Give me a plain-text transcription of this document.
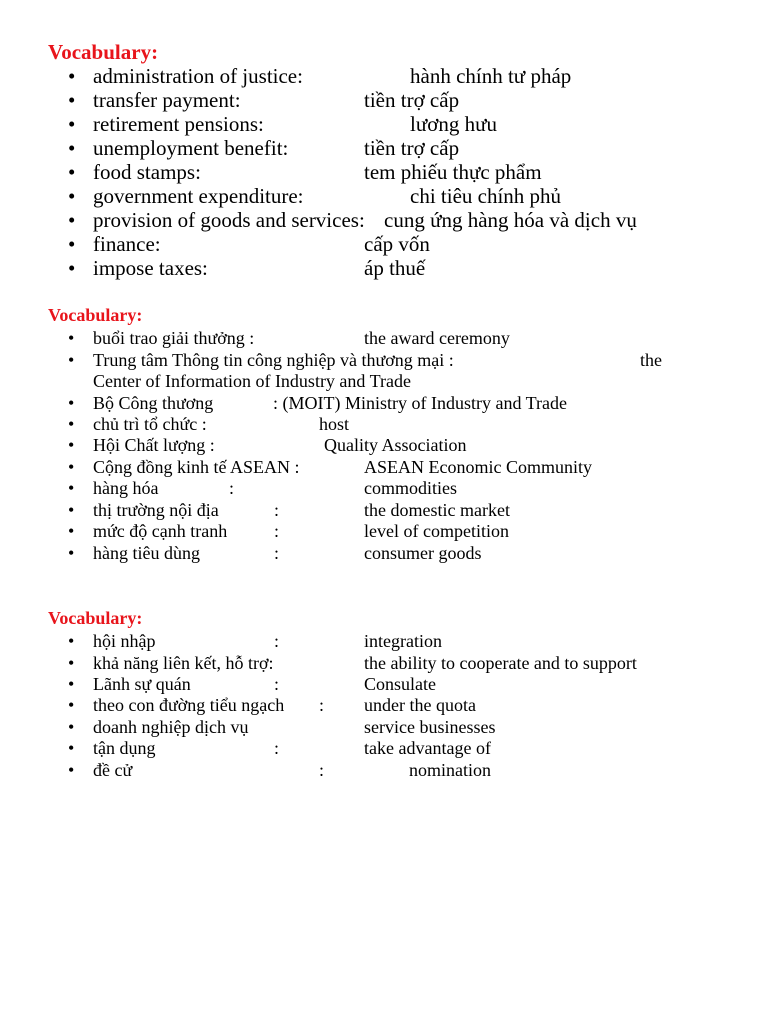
Vocabulary:
• administration of justice:	hành chính tư pháp
• transfer payment:	tiền trợ cấp
• retirement pensions:	lương hưu
• unemployment benefit:	tiền trợ cấp
• food stamps:	tem phiếu thực phẩm
• government expenditure:	chi tiêu chính phủ
• provision of goods and services: cung ứng hàng hóa và dịch vụ
• finance:	cấp vốn
• impose taxes:	áp thuế
Vocabulary:
• buổi trao giải thưởng :	the award ceremony
• Trung tâm Thông tin công nghiệp và thương mại :	the
Center of Information of Industry and Trade
• Bộ Công thương	: (MOIT) Ministry of Industry and Trade
• chủ trì tổ chức :	host
• Hội Chất lượng :	Quality Association
• Cộng đồng kinh tế ASEAN :	ASEAN Economic Community
• hàng hóa	:	commodities
• thị trường nội địa	:	the domestic market
• mức độ cạnh tranh	:	level of competition
• hàng tiêu dùng	:	consumer goods
Vocabulary:
• hội nhập	:	integration
• khả năng liên kết, hỗ trợ:	the ability to cooperate and to support
• Lãnh sự quán	:	Consulate
• theo con đường tiểu ngạch : under the quota
• doanh nghiệp dịch vụ	service businesses
• tận dụng	:	take advantage of
• đề cử	:	nomination
